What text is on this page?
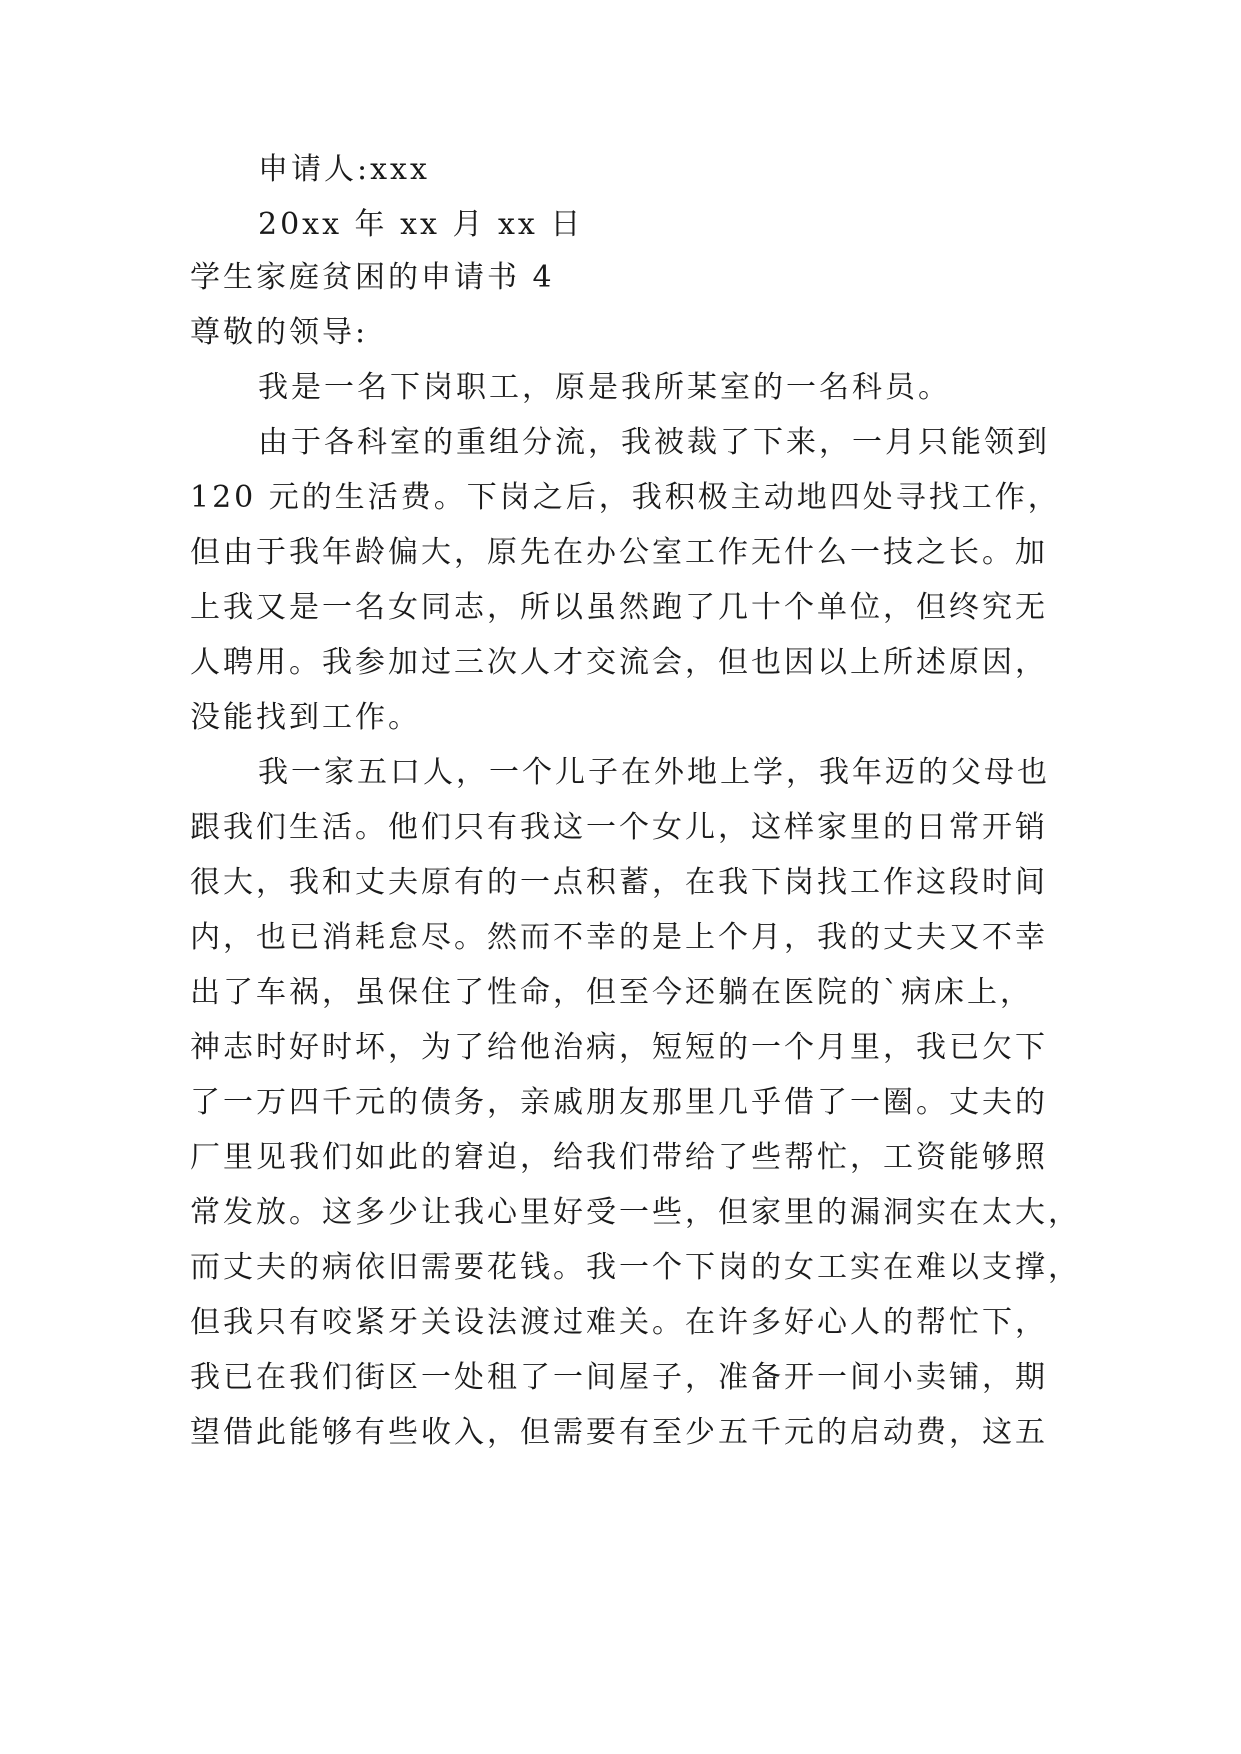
申请人:xxx
20xx 年 xx 月 xx 日
学生家庭贫困的申请书 4
尊敬的领导:
我是一名下岗职工，原是我所某室的一名科员。
由于各科室的重组分流，我被裁了下来，一月只能领到
120 元的生活费。下岗之后，我积极主动地四处寻找工作，
但由于我年龄偏大，原先在办公室工作无什么一技之长。加
上我又是一名女同志，所以虽然跑了几十个单位，但终究无
人聘用。我参加过三次人才交流会，但也因以上所述原因，
没能找到工作。
我一家五口人，一个儿子在外地上学，我年迈的父母也
跟我们生活。他们只有我这一个女儿，这样家里的日常开销
很大，我和丈夫原有的一点积蓄，在我下岗找工作这段时间
内，也已消耗怠尽。然而不幸的是上个月，我的丈夫又不幸
出了车祸，虽保住了性命，但至今还躺在医院的`病床上，
神志时好时坏，为了给他治病，短短的一个月里，我已欠下
了一万四千元的债务，亲戚朋友那里几乎借了一圈。丈夫的
厂里见我们如此的窘迫，给我们带给了些帮忙，工资能够照
常发放。这多少让我心里好受一些，但家里的漏洞实在太大，
而丈夫的病依旧需要花钱。我一个下岗的女工实在难以支撑，
但我只有咬紧牙关设法渡过难关。在许多好心人的帮忙下，
我已在我们街区一处租了一间屋子，准备开一间小卖铺，期
望借此能够有些收入，但需要有至少五千元的启动费，这五
